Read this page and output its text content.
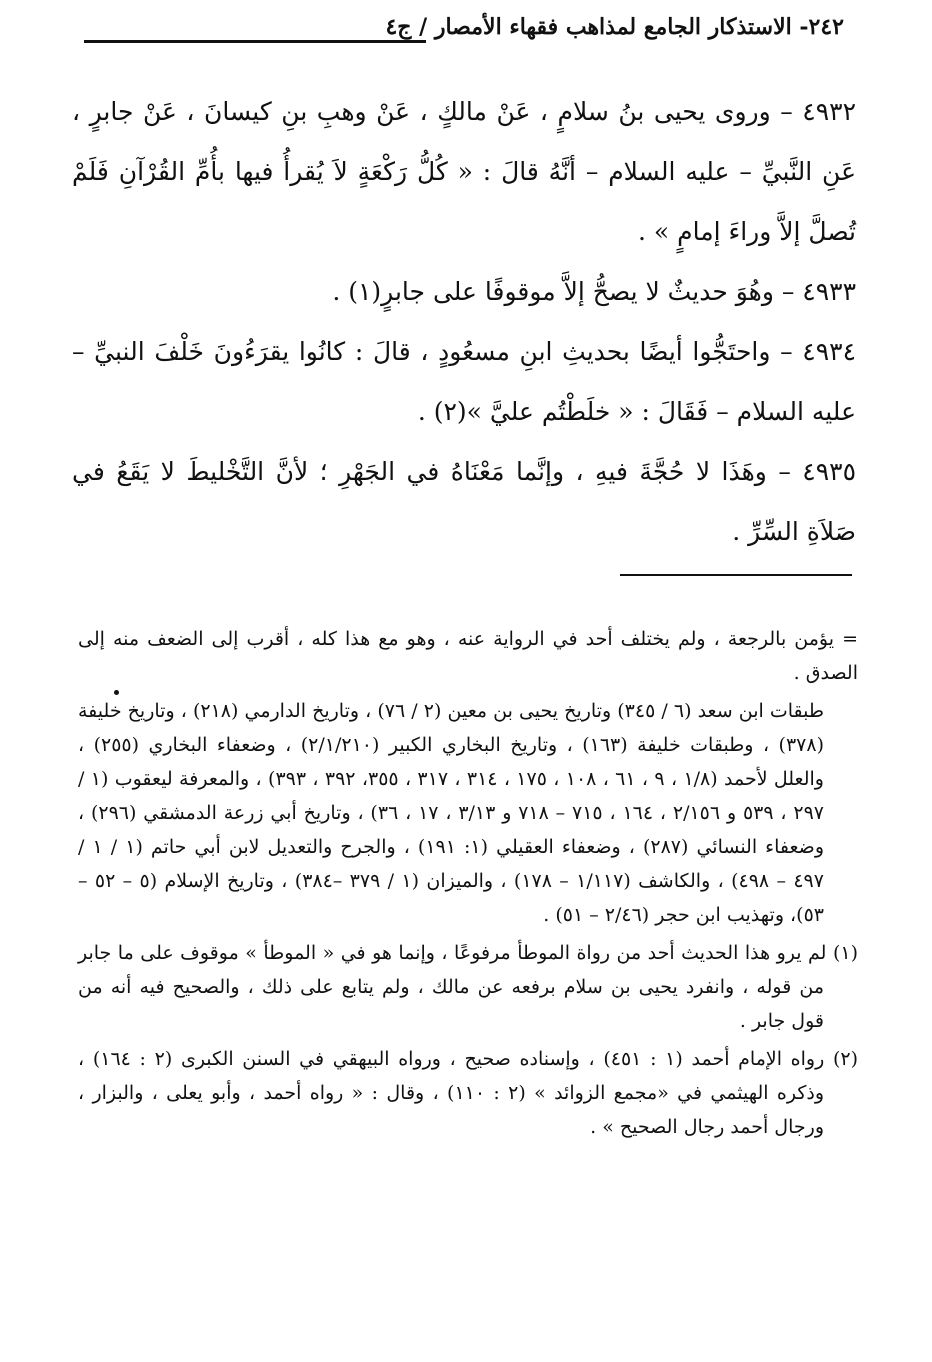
٢٤٢- الاستذكار الجامع لمذاهب فقهاء الأمصار / ج٤

٤٩٣٢ – وروى يحيى بنُ سلامٍ ، عَنْ مالكٍ ، عَنْ وهبِ بنِ كيسانَ ، عَنْ جابرٍ ، عَنِ النَّبيِّ – عليه السلام – أنَّهُ قالَ : « كُلُّ رَكْعَةٍ لاَ يُقرأُ فيها بأُمِّ القُرْآنِ فَلَمْ تُصلَّ إلاَّ وراءَ إمامٍ » .

٤٩٣٣ – وهُوَ حديثٌ لا يصحُّ إلاَّ موقوفًا على جابرٍ(١) .

٤٩٣٤ – واحتَجُّوا أيضًا بحديثِ ابنِ مسعُودٍ ، قالَ : كانُوا يقرَءُونَ خَلْفَ النبيِّ – عليه السلام – فَقَالَ : « خلَطْتُم عليَّ »(٢) .

٤٩٣٥ – وهَذَا لا حُجَّةَ فيهِ ، وإنَّما مَعْنَاهُ في الجَهْرِ ؛ لأنَّ التَّخْليطَ لا يَقَعُ في صَلاَةِ السِّرِّ .

= يؤمن بالرجعة ، ولم يختلف أحد في الرواية عنه ، وهو مع هذا كله ، أقرب إلى الضعف منه إلى الصدق .

طبقات ابن سعد (٦ / ٣٤٥) وتاريخ يحيى بن معين (٢ / ٧٦) ، وتاريخ الدارمي (٢١٨) ، وتاريخ خليفة (٣٧٨) ، وطبقات خليفة (١٦٣) ، وتاريخ البخاري الكبير (٢/١/٢١٠) ، وضعفاء البخاري (٢٥٥) ، والعلل لأحمد (١/٨ ، ٩ ، ٦١ ، ١٠٨ ، ١٧٥ ، ٣١٤ ، ٣١٧ ، ٣٥٥، ٣٩٢ ، ٣٩٣) ، والمعرفة ليعقوب (١ / ٢٩٧ ، ٥٣٩ و ٢/١٥٦ ، ١٦٤ ، ٧١٥ – ٧١٨ و ٣/١٣ ، ١٧ ، ٣٦) ، وتاريخ أبي زرعة الدمشقي (٢٩٦) ، وضعفاء النسائي (٢٨٧) ، وضعفاء العقيلي (١: ١٩١) ، والجرح والتعديل لابن أبي حاتم (١ / ١ / ٤٩٧ – ٤٩٨) ، والكاشف (١/١١٧ – ١٧٨) ، والميزان (١ / ٣٧٩ –٣٨٤) ، وتاريخ الإسلام (٥ – ٥٢ – ٥٣)، وتهذيب ابن حجر (٢/٤٦ – ٥١) .

(١) لم يرو هذا الحديث أحد من رواة الموطأ مرفوعًا ، وإنما هو في « الموطأ » موقوف على ما جابر من قوله ، وانفرد يحيى بن سلام برفعه عن مالك ، ولم يتابع على ذلك ، والصحيح فيه أنه من قول جابر .

(٢) رواه الإمام أحمد (١ : ٤٥١) ، وإسناده صحيح ، ورواه البيهقي في السنن الكبرى (٢ : ١٦٤) ، وذكره الهيثمي في «مجمع الزوائد » (٢ : ١١٠) ، وقال : « رواه أحمد ، وأبو يعلى ، والبزار ، ورجال أحمد رجال الصحيح » .
